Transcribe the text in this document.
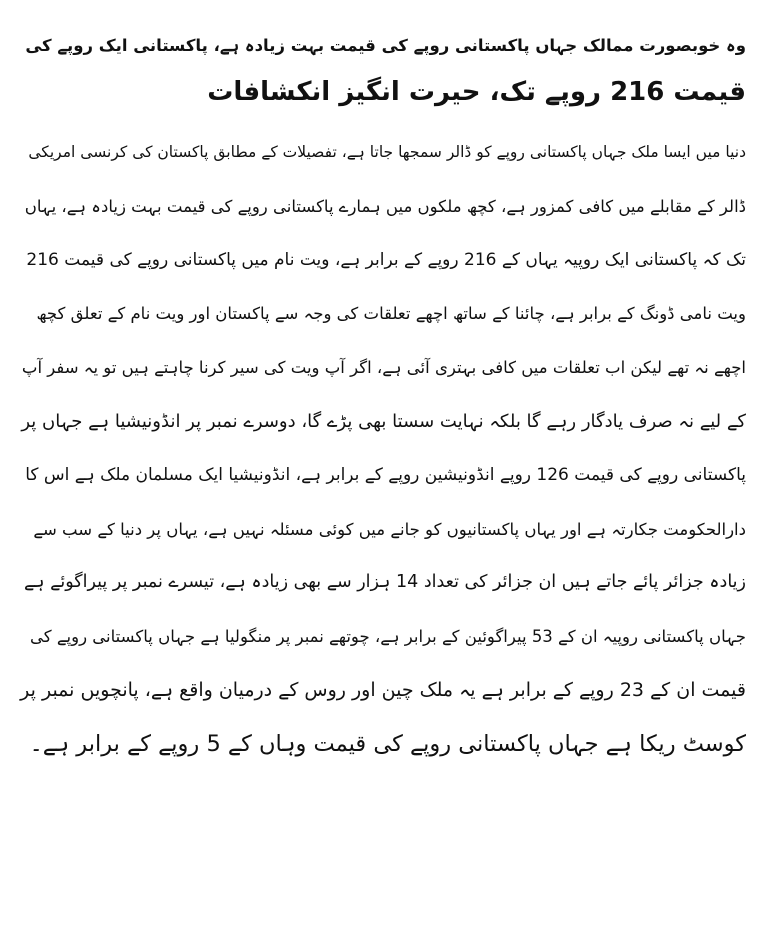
وہ خوبصورت ممالک جہاں پاکستانی روپے کی قیمت بہت زیادہ ہے، پاکستانی ایک روپے کی
قیمت 216 روپے تک، حیرت انگیز انکشافات
دنیا میں ایسا ملک جہاں پاکستانی روپے کو ڈالر سمجھا جاتا ہے، تفصیلات کے مطابق پاکستان کی کرنسی امریکی
ڈالر کے مقابلے میں کافی کمزور ہے، کچھ ملکوں میں ہمارے پاکستانی روپے کی قیمت بہت زیادہ ہے، یہاں
تک کہ پاکستانی ایک روپیہ یہاں کے 216 روپے کے برابر ہے، ویت نام میں پاکستانی روپے کی قیمت 216
ویت نامی ڈونگ کے برابر ہے، چائنا کے ساتھ اچھے تعلقات کی وجہ سے پاکستان اور ویت نام کے تعلق کچھ
اچھے نہ تھے لیکن اب تعلقات میں کافی بہتری آئی ہے، اگر آپ ویت کی سیر کرنا چاہتے ہیں تو یہ سفر آپ
کے لیے نہ صرف یادگار رہے گا بلکہ نہایت سستا بھی پڑے گا، دوسرے نمبر پر انڈونیشیا ہے جہاں پر
پاکستانی روپے کی قیمت 126 روپے انڈونیشین روپے کے برابر ہے، انڈونیشیا ایک مسلمان ملک ہے اس کا
دارالحکومت جکارتہ ہے اور یہاں پاکستانیوں کو جانے میں کوئی مسئلہ نہیں ہے، یہاں پر دنیا کے سب سے
زیادہ جزائر پائے جاتے ہیں ان جزائر کی تعداد 14 ہزار سے بھی زیادہ ہے، تیسرے نمبر پر پیراگوئے ہے
جہاں پاکستانی روپیہ ان کے 53 پیراگوئین کے برابر ہے، چوتھے نمبر پر منگولیا ہے جہاں پاکستانی روپے کی
قیمت ان کے 23 روپے کے برابر ہے یہ ملک چین اور روس کے درمیان واقع ہے، پانچویں نمبر پر
کوسٹ ریکا ہے جہاں پاکستانی روپے کی قیمت وہاں کے 5 روپے کے برابر ہے۔
